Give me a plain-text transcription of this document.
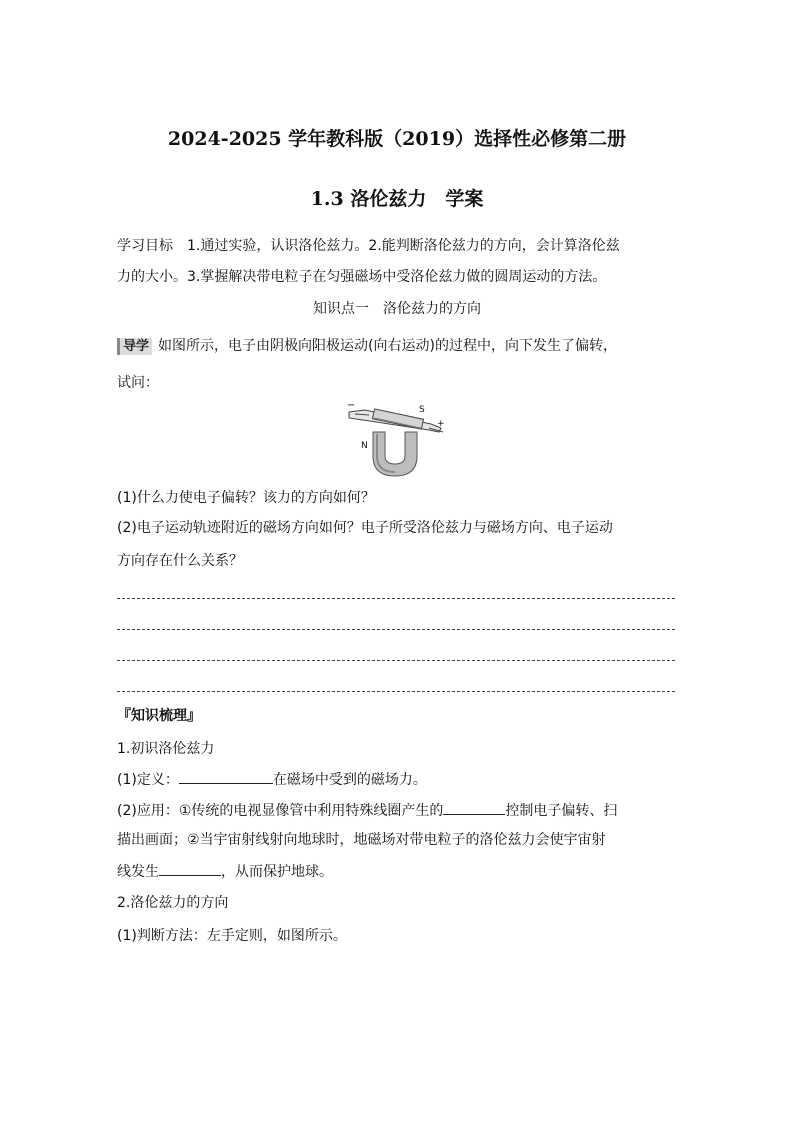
2024-2025 学年教科版（2019）选择性必修第二册
1.3 洛伦兹力　学案
学习目标　1.通过实验，认识洛伦兹力。2.能判断洛伦兹力的方向，会计算洛伦兹
力的大小。3.掌握解决带电粒子在匀强磁场中受洛伦兹力做的圆周运动的方法。
知识点一　洛伦兹力的方向
导学 如图所示，电子由阴极向阳极运动(向右运动)的过程中，向下发生了偏转，
试问：
−	S
N
+
(1)什么力使电子偏转？该力的方向如何？
(2)电子运动轨迹附近的磁场方向如何？电子所受洛伦兹力与磁场方向、电子运动
方向存在什么关系？
『知识梳理』
1.初识洛伦兹力
(1)定义：	在磁场中受到的磁场力。
(2)应用：①传统的电视显像管中利用特殊线圈产生的	控制电子偏转、扫
描出画面；②当宇宙射线射向地球时，地磁场对带电粒子的洛伦兹力会使宇宙射
线发生	，从而保护地球。
2.洛伦兹力的方向
(1)判断方法：左手定则，如图所示。
